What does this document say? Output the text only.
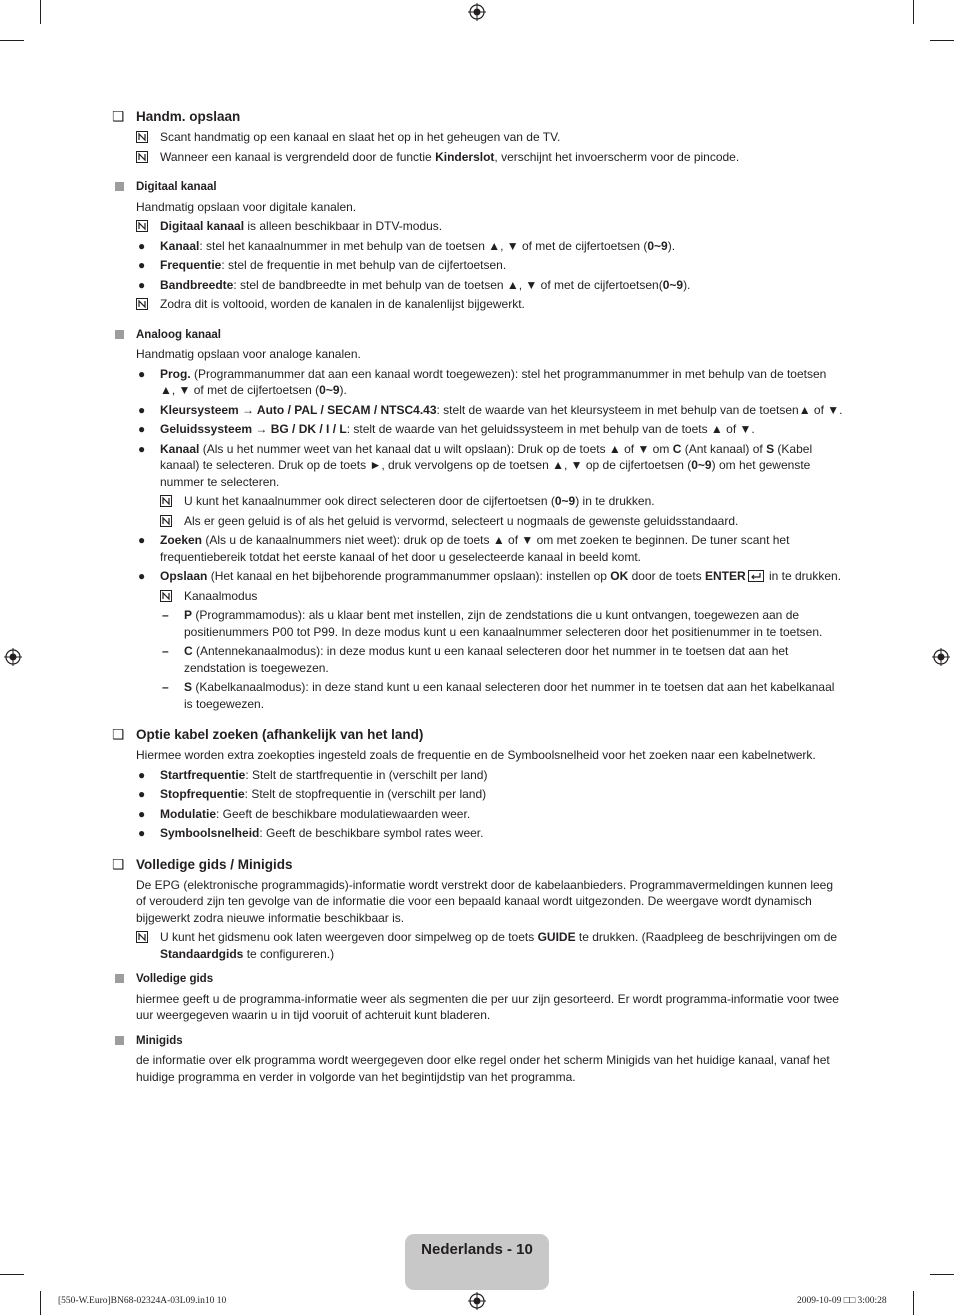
❑ Handm. opslaan
Scant handmatig op een kanaal en slaat het op in het geheugen van de TV.
Wanneer een kanaal is vergrendeld door de functie Kinderslot, verschijnt het invoerscherm voor de pincode.
Digitaal kanaal
Handmatig opslaan voor digitale kanalen.
Digitaal kanaal is alleen beschikbaar in DTV-modus.
● Kanaal: stel het kanaalnummer in met behulp van de toetsen ▲, ▼ of met de cijfertoetsen (0~9).
● Frequentie: stel de frequentie in met behulp van de cijfertoetsen.
● Bandbreedte: stel de bandbreedte in met behulp van de toetsen ▲, ▼ of met de cijfertoetsen(0~9).
Zodra dit is voltooid, worden de kanalen in de kanalenlijst bijgewerkt.
Analoog kanaal
Handmatig opslaan voor analoge kanalen.
● Prog. (Programmanummer dat aan een kanaal wordt toegewezen): stel het programmanummer in met behulp van de toetsen ▲, ▼ of met de cijfertoetsen (0~9).
● Kleursysteem → Auto / PAL / SECAM / NTSC4.43: stelt de waarde van het kleursysteem in met behulp van de toetsen▲ of ▼.
● Geluidssysteem → BG / DK / I / L: stelt de waarde van het geluidssysteem in met behulp van de toets ▲ of ▼.
● Kanaal (Als u het nummer weet van het kanaal dat u wilt opslaan): Druk op de toets ▲ of ▼ om C (Ant kanaal) of S (Kabel kanaal) te selecteren. Druk op de toets ►, druk vervolgens op de toetsen ▲, ▼ op de cijfertoetsen (0~9) om het gewenste nummer te selecteren.
U kunt het kanaalnummer ook direct selecteren door de cijfertoetsen (0~9) in te drukken.
Als er geen geluid is of als het geluid is vervormd, selecteert u nogmaals de gewenste geluidsstandaard.
● Zoeken (Als u de kanaalnummers niet weet): druk op de toets ▲ of ▼ om met zoeken te beginnen. De tuner scant het frequentiebereik totdat het eerste kanaal of het door u geselecteerde kanaal in beeld komt.
● Opslaan (Het kanaal en het bijbehorende programmanummer opslaan): instellen op OK door de toets ENTER in te drukken.
Kanaalmodus
– P (Programmamodus): als u klaar bent met instellen, zijn de zendstations die u kunt ontvangen, toegewezen aan de positienummers P00 tot P99. In deze modus kunt u een kanaalnummer selecteren door het positienummer in te toetsen.
– C (Antennekanaalmodus): in deze modus kunt u een kanaal selecteren door het nummer in te toetsen dat aan het zendstation is toegewezen.
– S (Kabelkanaalmodus): in deze stand kunt u een kanaal selecteren door het nummer in te toetsen dat aan het kabelkanaal is toegewezen.
❑ Optie kabel zoeken (afhankelijk van het land)
Hiermee worden extra zoekopties ingesteld zoals de frequentie en de Symboolsnelheid voor het zoeken naar een kabelnetwerk.
● Startfrequentie: Stelt de startfrequentie in (verschilt per land)
● Stopfrequentie: Stelt de stopfrequentie in (verschilt per land)
● Modulatie: Geeft de beschikbare modulatiewaarden weer.
● Symboolsnelheid: Geeft de beschikbare symbol rates weer.
❑ Volledige gids / Minigids
De EPG (elektronische programmagids)-informatie wordt verstrekt door de kabelaanbieders. Programmavermeldingen kunnen leeg of verouderd zijn ten gevolge van de informatie die voor een bepaald kanaal wordt uitgezonden. De weergave wordt dynamisch bijgewerkt zodra nieuwe informatie beschikbaar is.
U kunt het gidsmenu ook laten weergeven door simpelweg op de toets GUIDE te drukken. (Raadpleeg de beschrijvingen om de Standaardgids te configureren.)
Volledige gids
hiermee geeft u de programma-informatie weer als segmenten die per uur zijn gesorteerd. Er wordt programma-informatie voor twee uur weergegeven waarin u in tijd vooruit of achteruit kunt bladeren.
Minigids
de informatie over elk programma wordt weergegeven door elke regel onder het scherm Minigids van het huidige kanaal, vanaf het huidige programma en verder in volgorde van het begintijdstip van het programma.
Nederlands - 10
[550-W.Euro]BN68-02324A-03L09.in10 10	2009-10-09 □□ 3:00:28
